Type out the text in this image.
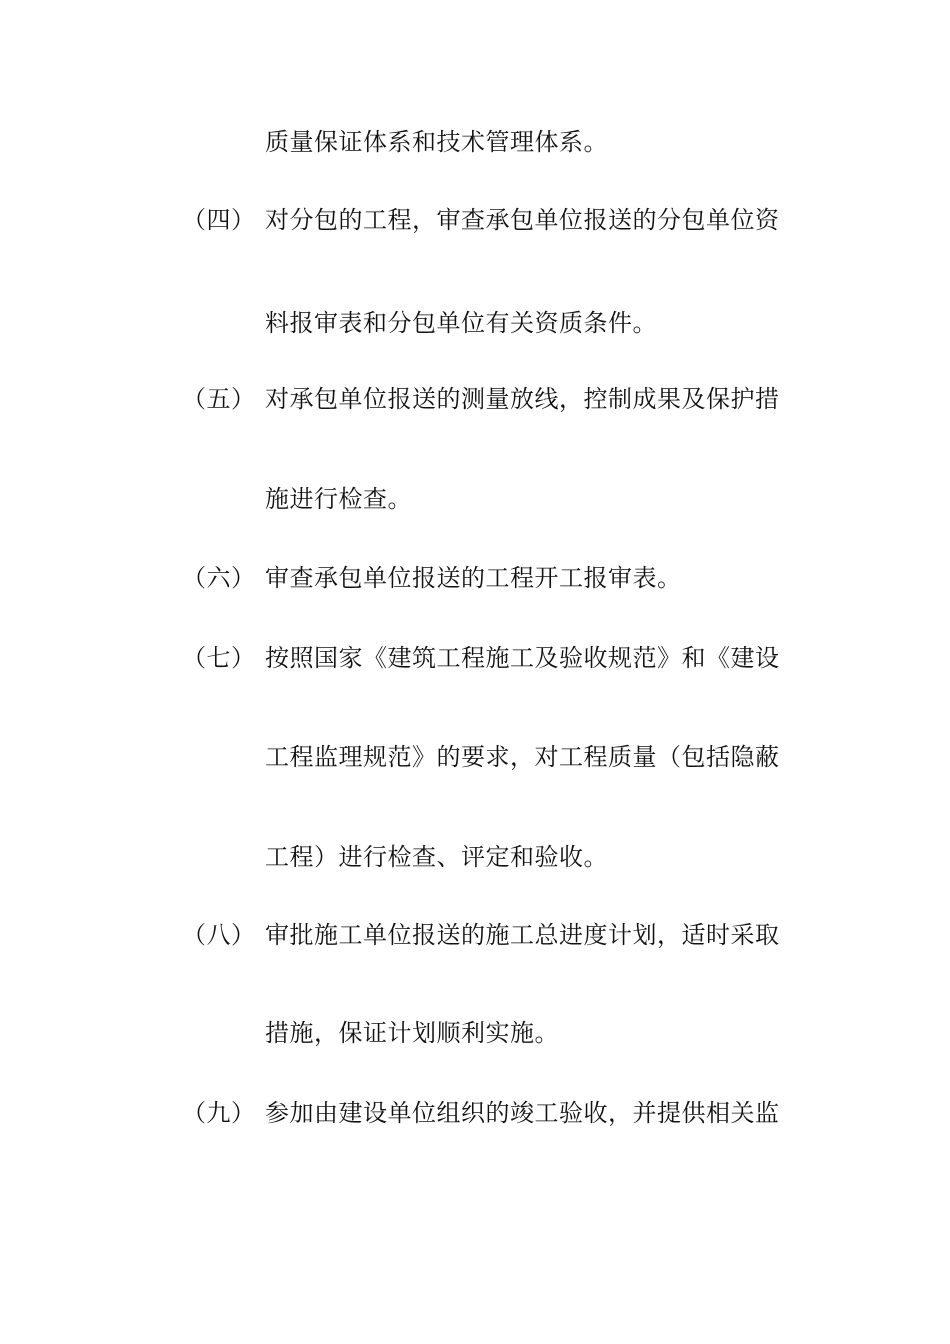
质量保证体系和技术管理体系。
（四） 对分包的工程，审查承包单位报送的分包单位资
料报审表和分包单位有关资质条件。
（五） 对承包单位报送的测量放线，控制成果及保护措
施进行检查。
（六） 审查承包单位报送的工程开工报审表。
（七） 按照国家《建筑工程施工及验收规范》和《建设
工程监理规范》的要求，对工程质量（包括隐蔽
工程）进行检查、评定和验收。
（八） 审批施工单位报送的施工总进度计划，适时采取
措施，保证计划顺利实施。
（九） 参加由建设单位组织的竣工验收，并提供相关监
